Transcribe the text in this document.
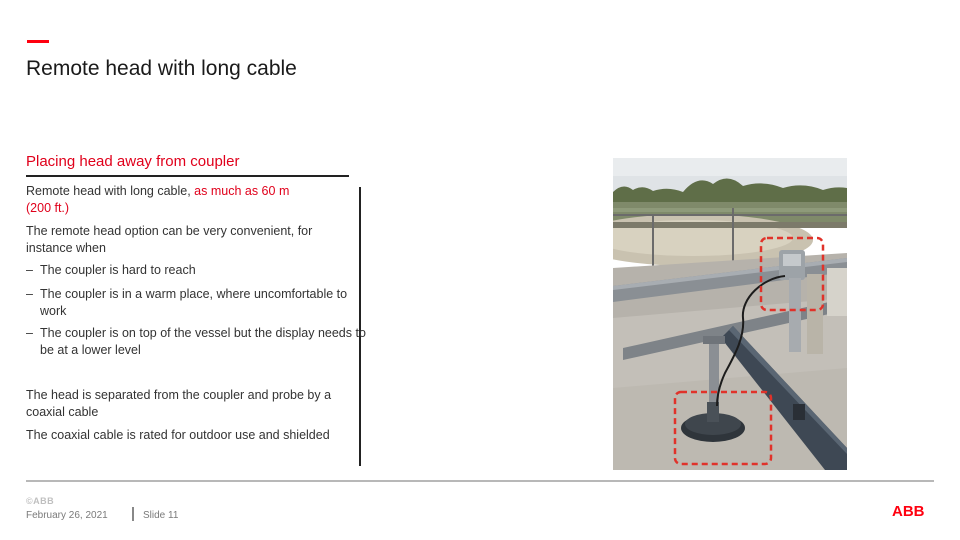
Remote head with long cable
Placing head away from coupler
Remote head with long cable, as much as 60 m
(200 ft.)
The remote head option can be very convenient, for instance when
– The coupler is hard to reach
– The coupler is in a warm place, where uncomfortable to work
– The coupler is on top of the vessel but the display needs to be at a lower level
The head is separated from the coupler and probe by a coaxial cable
The coaxial cable is rated for outdoor use and shielded
©ABB
February 26, 2021	Slide 11	ABB
